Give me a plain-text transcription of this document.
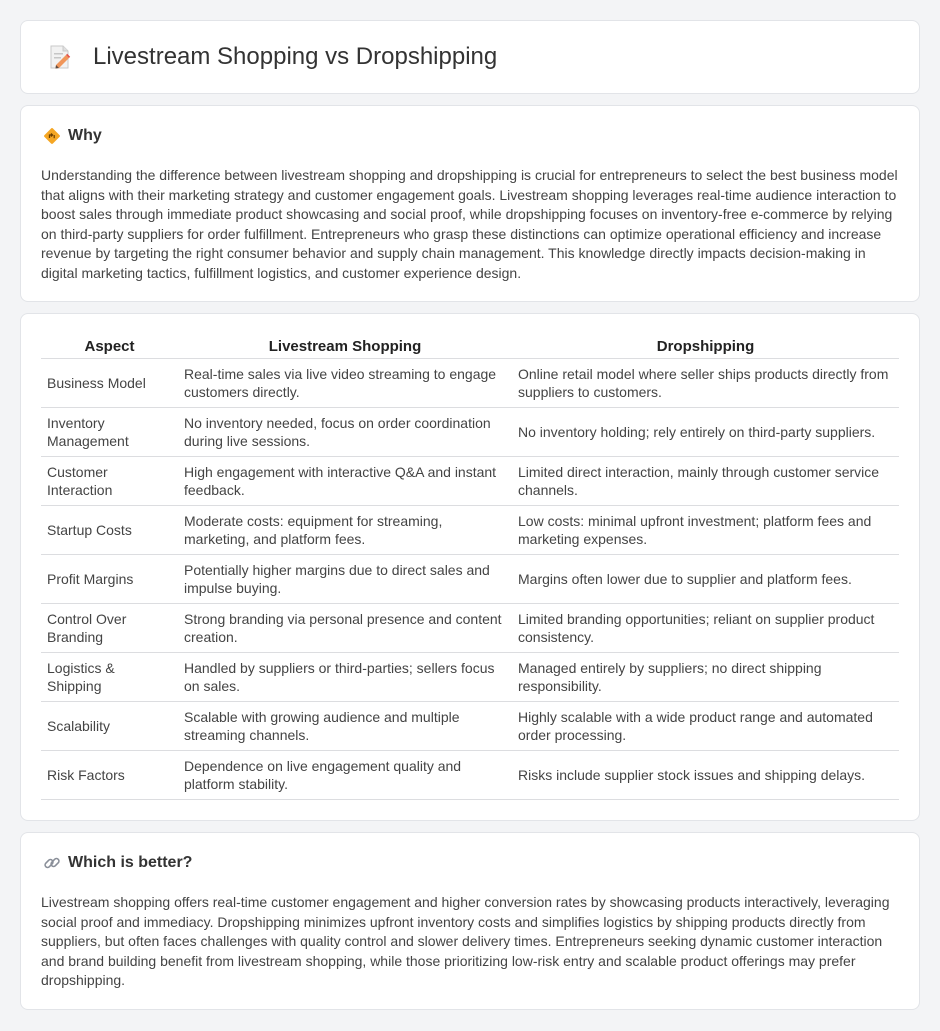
Livestream Shopping vs Dropshipping
Why

Understanding the difference between livestream shopping and dropshipping is crucial for entrepreneurs to select the best business model that aligns with their marketing strategy and customer engagement goals. Livestream shopping leverages real-time audience interaction to boost sales through immediate product showcasing and social proof, while dropshipping focuses on inventory-free e-commerce by relying on third-party suppliers for order fulfillment. Entrepreneurs who grasp these distinctions can optimize operational efficiency and increase revenue by targeting the right consumer behavior and supply chain management. This knowledge directly impacts decision-making in digital marketing tactics, fulfillment logistics, and customer experience design.

Aspect	Livestream Shopping	Dropshipping
Business Model	Real-time sales via live video streaming to engage customers directly.	Online retail model where seller ships products directly from suppliers to customers.
Inventory Management	No inventory needed, focus on order coordination during live sessions.	No inventory holding; rely entirely on third-party suppliers.
Customer Interaction	High engagement with interactive Q&A and instant feedback.	Limited direct interaction, mainly through customer service channels.
Startup Costs	Moderate costs: equipment for streaming, marketing, and platform fees.	Low costs: minimal upfront investment; platform fees and marketing expenses.
Profit Margins	Potentially higher margins due to direct sales and impulse buying.	Margins often lower due to supplier and platform fees.
Control Over Branding	Strong branding via personal presence and content creation.	Limited branding opportunities; reliant on supplier product consistency.
Logistics & Shipping	Handled by suppliers or third-parties; sellers focus on sales.	Managed entirely by suppliers; no direct shipping responsibility.
Scalability	Scalable with growing audience and multiple streaming channels.	Highly scalable with a wide product range and automated order processing.
Risk Factors	Dependence on live engagement quality and platform stability.	Risks include supplier stock issues and shipping delays.
Which is better?

Livestream shopping offers real-time customer engagement and higher conversion rates by showcasing products interactively, leveraging social proof and immediacy. Dropshipping minimizes upfront inventory costs and simplifies logistics by shipping products directly from suppliers, but often faces challenges with quality control and slower delivery times. Entrepreneurs seeking dynamic customer interaction and brand building benefit from livestream shopping, while those prioritizing low-risk entry and scalable product offerings may prefer dropshipping.
